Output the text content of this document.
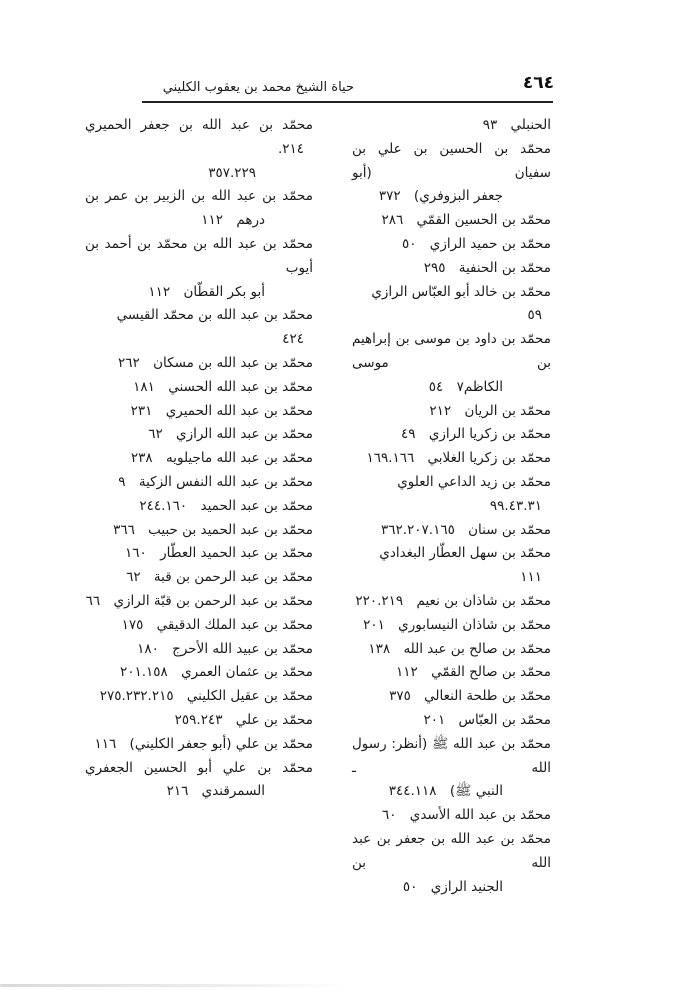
حياة الشيخ محمد بن يعقوب الكليني	٤٦٤
الحنبلي ٩٣
محمّد بن الحسين بن علي بن سفيان (أبو
جعفر البزوفري) ٣٧٢
محمّد بن الحسين القمّي ٢٨٦
محمّد بن حميد الرازي ٥٠
محمّد بن الحنفية ٢٩٥
محمّد بن خالد أبو العبّاس الرازي ٥٩
محمّد بن داود بن موسى بن إبراهيم بن موسى
الكاظم٧ ٥٤
محمّد بن الريان ٢١٢
محمّد بن زكريا الرازي ٤٩
محمّد بن زكريا الغلابي ١٦٩.١٦٦
محمّد بن زيد الداعي العلوي ٩٩.٤٣.٣١
محمّد بن سنان ٣٦٢.٢٠٧.١٦٥
محمّد بن سهل العطّار البغدادي ١١١
محمّد بن شاذان بن نعيم ٢٢٠.٢١٩
محمّد بن شاذان النيسابوري ٢٠١
محمّد بن صالح بن عبد الله ١٣٨
محمّد بن صالح القمّي ١١٢
محمّد بن طلحة النعالي ٣٧٥
محمّد بن العبّاس ٢٠١
محمّد بن عبد الله ﷺ (أنظر: رسول الله ـ
النبي ﷺ) ٣٤٤.١١٨
محمّد بن عبد الله الأسدي ٦٠
محمّد بن عبد الله بن جعفر بن عبد الله بن
الجنيد الرازي ٥٠
محمّد بن عبد الله بن جعفر الحميري .٢١٤
٣٥٧.٢٢٩
محمّد بن عبد الله بن الزبير بن عمر بن
درهم ١١٢
محمّد بن عبد الله بن محمّد بن أحمد بن أيوب
أبو بكر القطّان ١١٢
محمّد بن عبد الله بن محمّد القيسي ٤٢٤
محمّد بن عبد الله بن مسكان ٢٦٢
محمّد بن عبد الله الحسني ١٨١
محمّد بن عبد الله الحميري ٢٣١
محمّد بن عبد الله الرازي ٦٢
محمّد بن عبد الله ماجيلويه ٢٣٨
محمّد بن عبد الله النفس الزكية ٩
محمّد بن عبد الحميد ٢٤٤.١٦٠
محمّد بن عبد الحميد بن حبيب ٣٦٦
محمّد بن عبد الحميد العطّار ١٦٠
محمّد بن عبد الرحمن بن قبة ٦٢
محمّد بن عبد الرحمن بن قبّة الرازي ٦٦
محمّد بن عبد الملك الدقيقي ١٧٥
محمّد بن عبيد الله الأحرج ١٨٠
محمّد بن عثمان العمري ٢٠١.١٥٨
محمّد بن عقيل الكليني ٢٧٥.٢٣٢.٢١٥
محمّد بن علي ٢٥٩.٢٤٣
محمّد بن علي (أبو جعفر الكليني) ١١٦
محمّد بن علي أبو الحسين الجعفري
السمرقندي ٢١٦
